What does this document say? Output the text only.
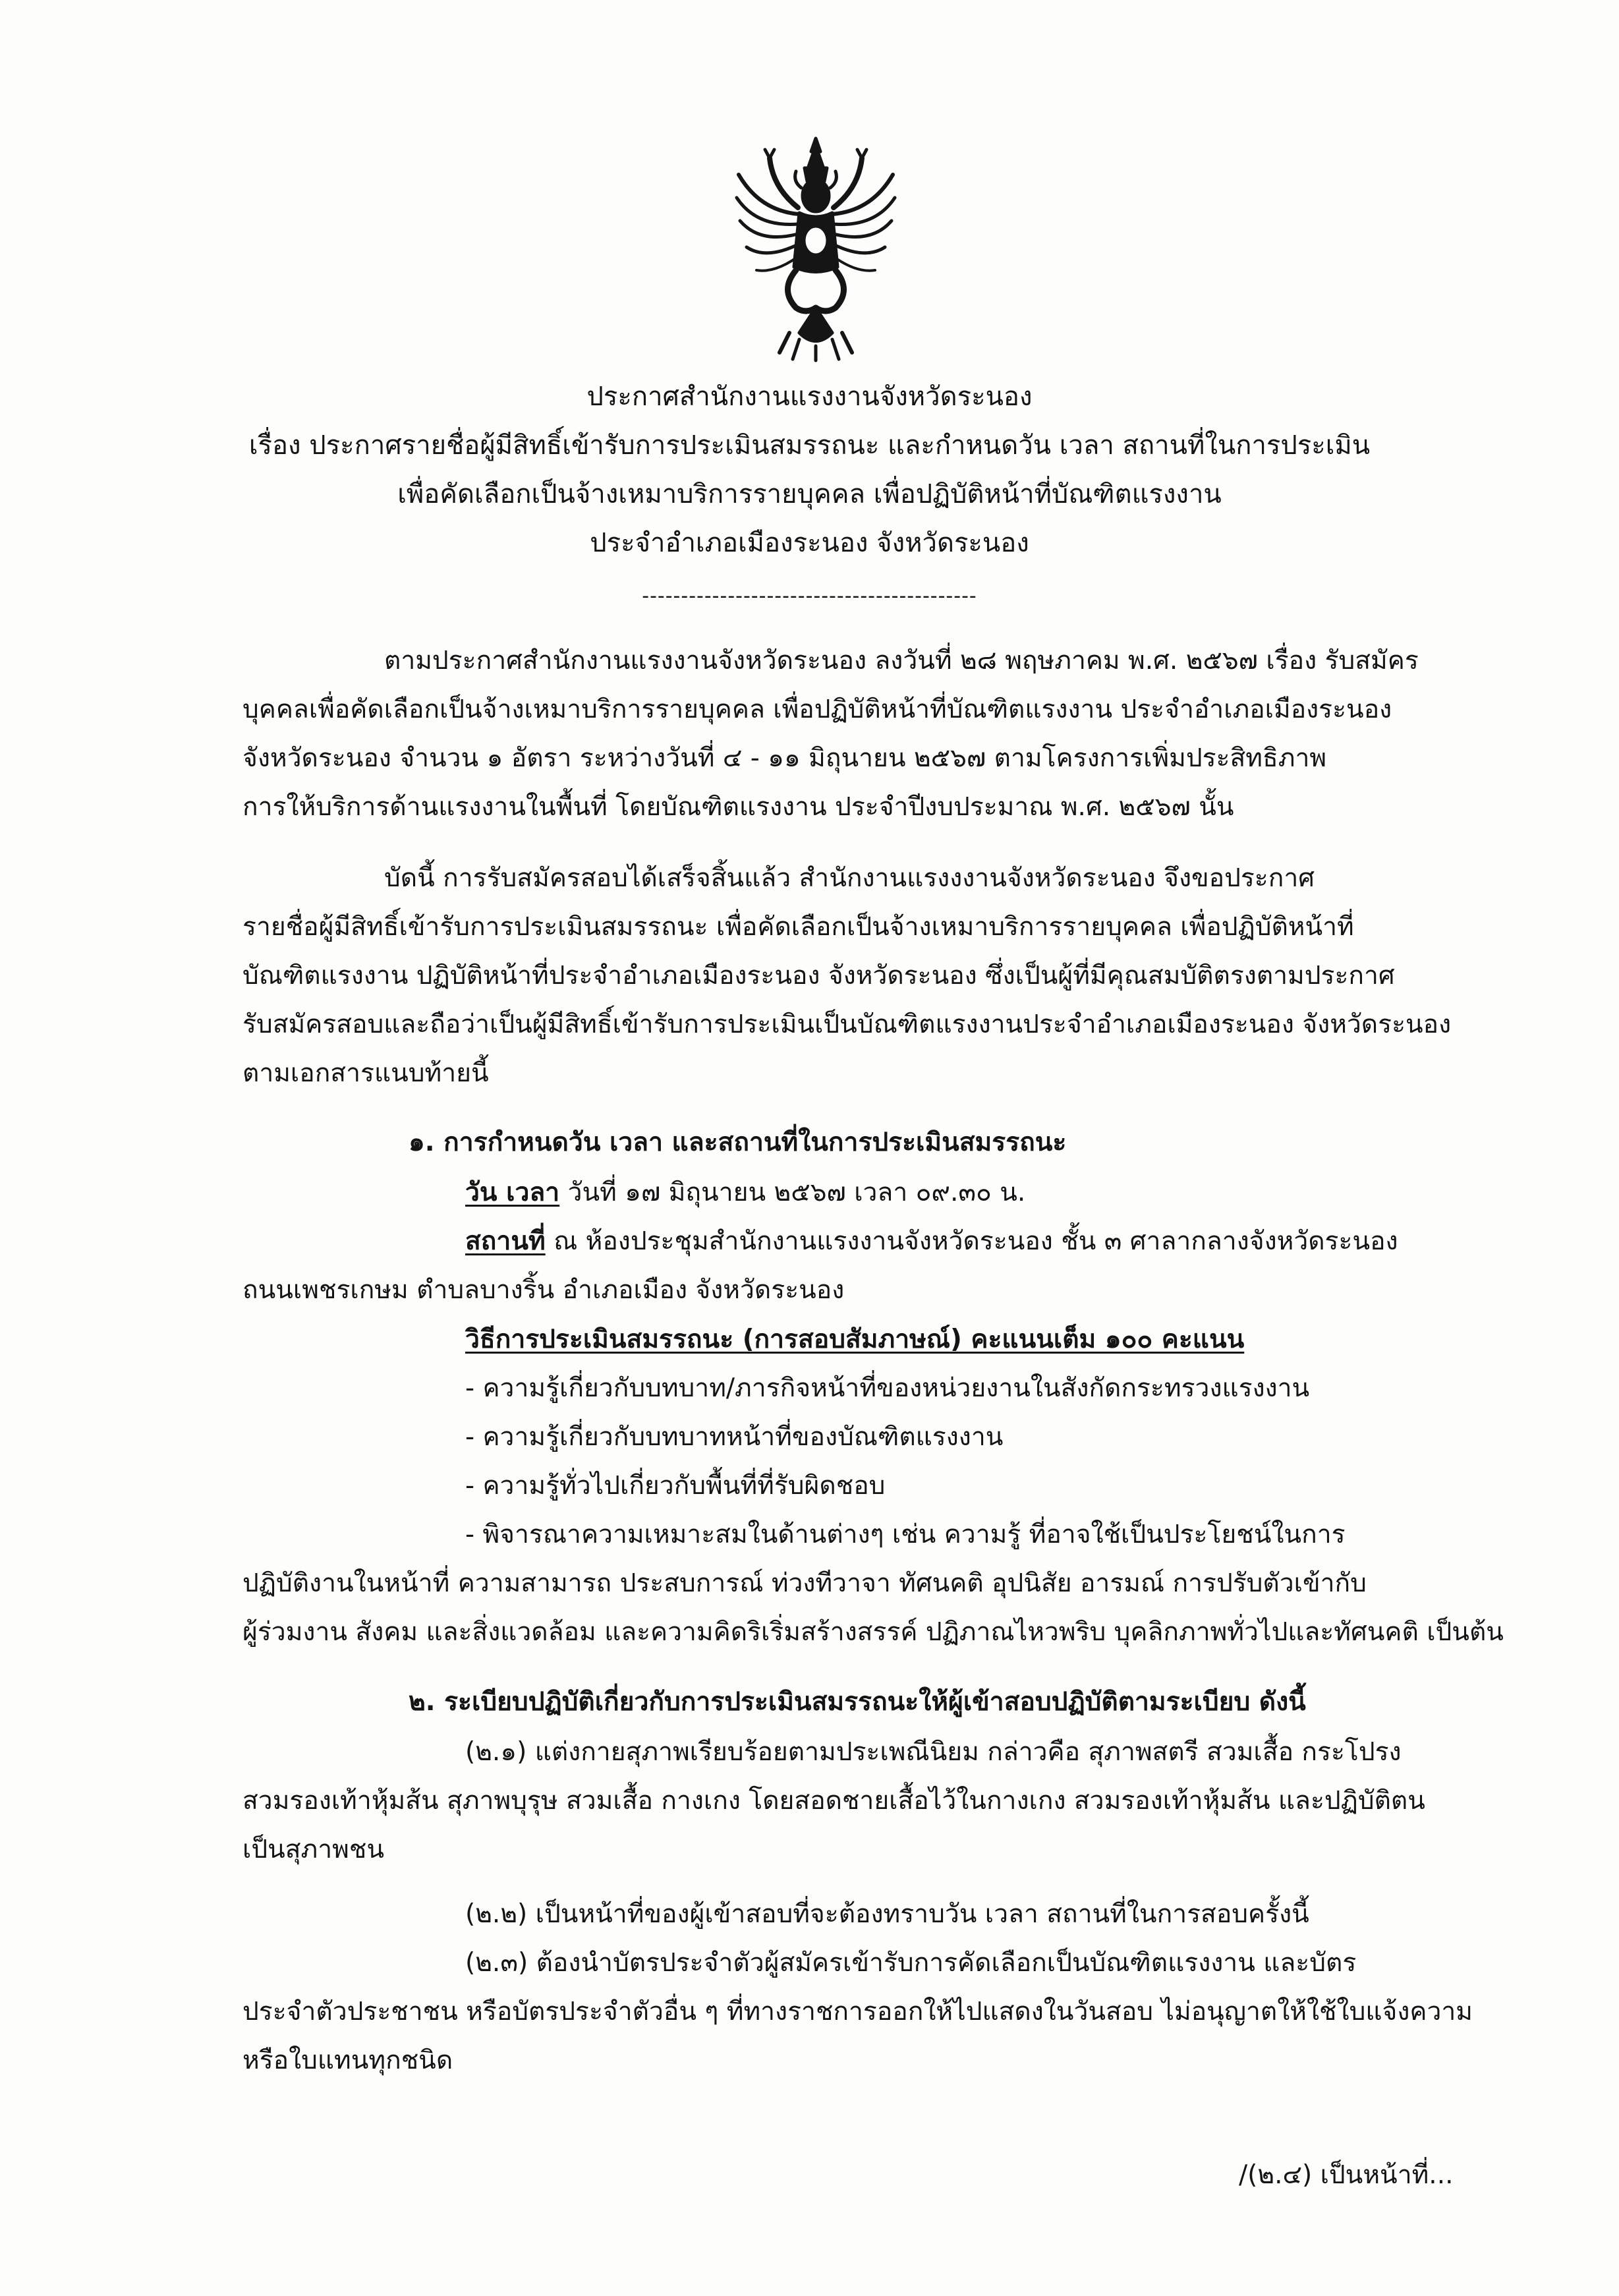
ประกาศสำนักงานแรงงานจังหวัดระนอง
เรื่อง ประกาศรายชื่อผู้มีสิทธิ์เข้ารับการประเมินสมรรถนะ และกำหนดวัน เวลา สถานที่ในการประเมิน
เพื่อคัดเลือกเป็นจ้างเหมาบริการรายบุคคล เพื่อปฏิบัติหน้าที่บัณฑิตแรงงาน
ประจำอำเภอเมืองระนอง จังหวัดระนอง
-------------------------------------------
ตามประกาศสำนักงานแรงงานจังหวัดระนอง ลงวันที่ ๒๘ พฤษภาคม พ.ศ. ๒๕๖๗ เรื่อง รับสมัคร
บุคคลเพื่อคัดเลือกเป็นจ้างเหมาบริการรายบุคคล เพื่อปฏิบัติหน้าที่บัณฑิตแรงงาน ประจำอำเภอเมืองระนอง
จังหวัดระนอง จำนวน ๑ อัตรา ระหว่างวันที่ ๔ - ๑๑ มิถุนายน ๒๕๖๗ ตามโครงการเพิ่มประสิทธิภาพ
การให้บริการด้านแรงงานในพื้นที่ โดยบัณฑิตแรงงาน ประจำปีงบประมาณ พ.ศ. ๒๕๖๗ นั้น
บัดนี้ การรับสมัครสอบได้เสร็จสิ้นแล้ว สำนักงานแรงงงานจังหวัดระนอง จึงขอประกาศ
รายชื่อผู้มีสิทธิ์เข้ารับการประเมินสมรรถนะ เพื่อคัดเลือกเป็นจ้างเหมาบริการรายบุคคล เพื่อปฏิบัติหน้าที่
บัณฑิตแรงงาน ปฏิบัติหน้าที่ประจำอำเภอเมืองระนอง จังหวัดระนอง ซึ่งเป็นผู้ที่มีคุณสมบัติตรงตามประกาศ
รับสมัครสอบและถือว่าเป็นผู้มีสิทธิ์เข้ารับการประเมินเป็นบัณฑิตแรงงานประจำอำเภอเมืองระนอง จังหวัดระนอง
ตามเอกสารแนบท้ายนี้
๑. การกำหนดวัน เวลา และสถานที่ในการประเมินสมรรถนะ
วัน เวลา วันที่ ๑๗ มิถุนายน ๒๕๖๗ เวลา ๐๙.๓๐ น.
สถานที่ ณ ห้องประชุมสำนักงานแรงงานจังหวัดระนอง ชั้น ๓ ศาลากลางจังหวัดระนอง
ถนนเพชรเกษม ตำบลบางริ้น อำเภอเมือง จังหวัดระนอง
วิธีการประเมินสมรรถนะ (การสอบสัมภาษณ์) คะแนนเต็ม ๑๐๐ คะแนน
- ความรู้เกี่ยวกับบทบาท/ภารกิจหน้าที่ของหน่วยงานในสังกัดกระทรวงแรงงาน
- ความรู้เกี่ยวกับบทบาทหน้าที่ของบัณฑิตแรงงาน
- ความรู้ทั่วไปเกี่ยวกับพื้นที่ที่รับผิดชอบ
- พิจารณาความเหมาะสมในด้านต่างๆ เช่น ความรู้ ที่อาจใช้เป็นประโยชน์ในการ
ปฏิบัติงานในหน้าที่ ความสามารถ ประสบการณ์ ท่วงทีวาจา ทัศนคติ อุปนิสัย อารมณ์ การปรับตัวเข้ากับ
ผู้ร่วมงาน สังคม และสิ่งแวดล้อม และความคิดริเริ่มสร้างสรรค์ ปฏิภาณไหวพริบ บุคลิกภาพทั่วไปและทัศนคติ เป็นต้น
๒. ระเบียบปฏิบัติเกี่ยวกับการประเมินสมรรถนะให้ผู้เข้าสอบปฏิบัติตามระเบียบ ดังนี้
(๒.๑) แต่งกายสุภาพเรียบร้อยตามประเพณีนิยม กล่าวคือ สุภาพสตรี สวมเสื้อ กระโปรง
สวมรองเท้าหุ้มส้น สุภาพบุรุษ สวมเสื้อ กางเกง โดยสอดชายเสื้อไว้ในกางเกง สวมรองเท้าหุ้มส้น และปฏิบัติตน
เป็นสุภาพชน
(๒.๒) เป็นหน้าที่ของผู้เข้าสอบที่จะต้องทราบวัน เวลา สถานที่ในการสอบครั้งนี้
(๒.๓) ต้องนำบัตรประจำตัวผู้สมัครเข้ารับการคัดเลือกเป็นบัณฑิตแรงงาน และบัตร
ประจำตัวประชาชน หรือบัตรประจำตัวอื่น ๆ ที่ทางราชการออกให้ไปแสดงในวันสอบ ไม่อนุญาตให้ใช้ใบแจ้งความ
หรือใบแทนทุกชนิด
/(๒.๔) เป็นหน้าที่...
